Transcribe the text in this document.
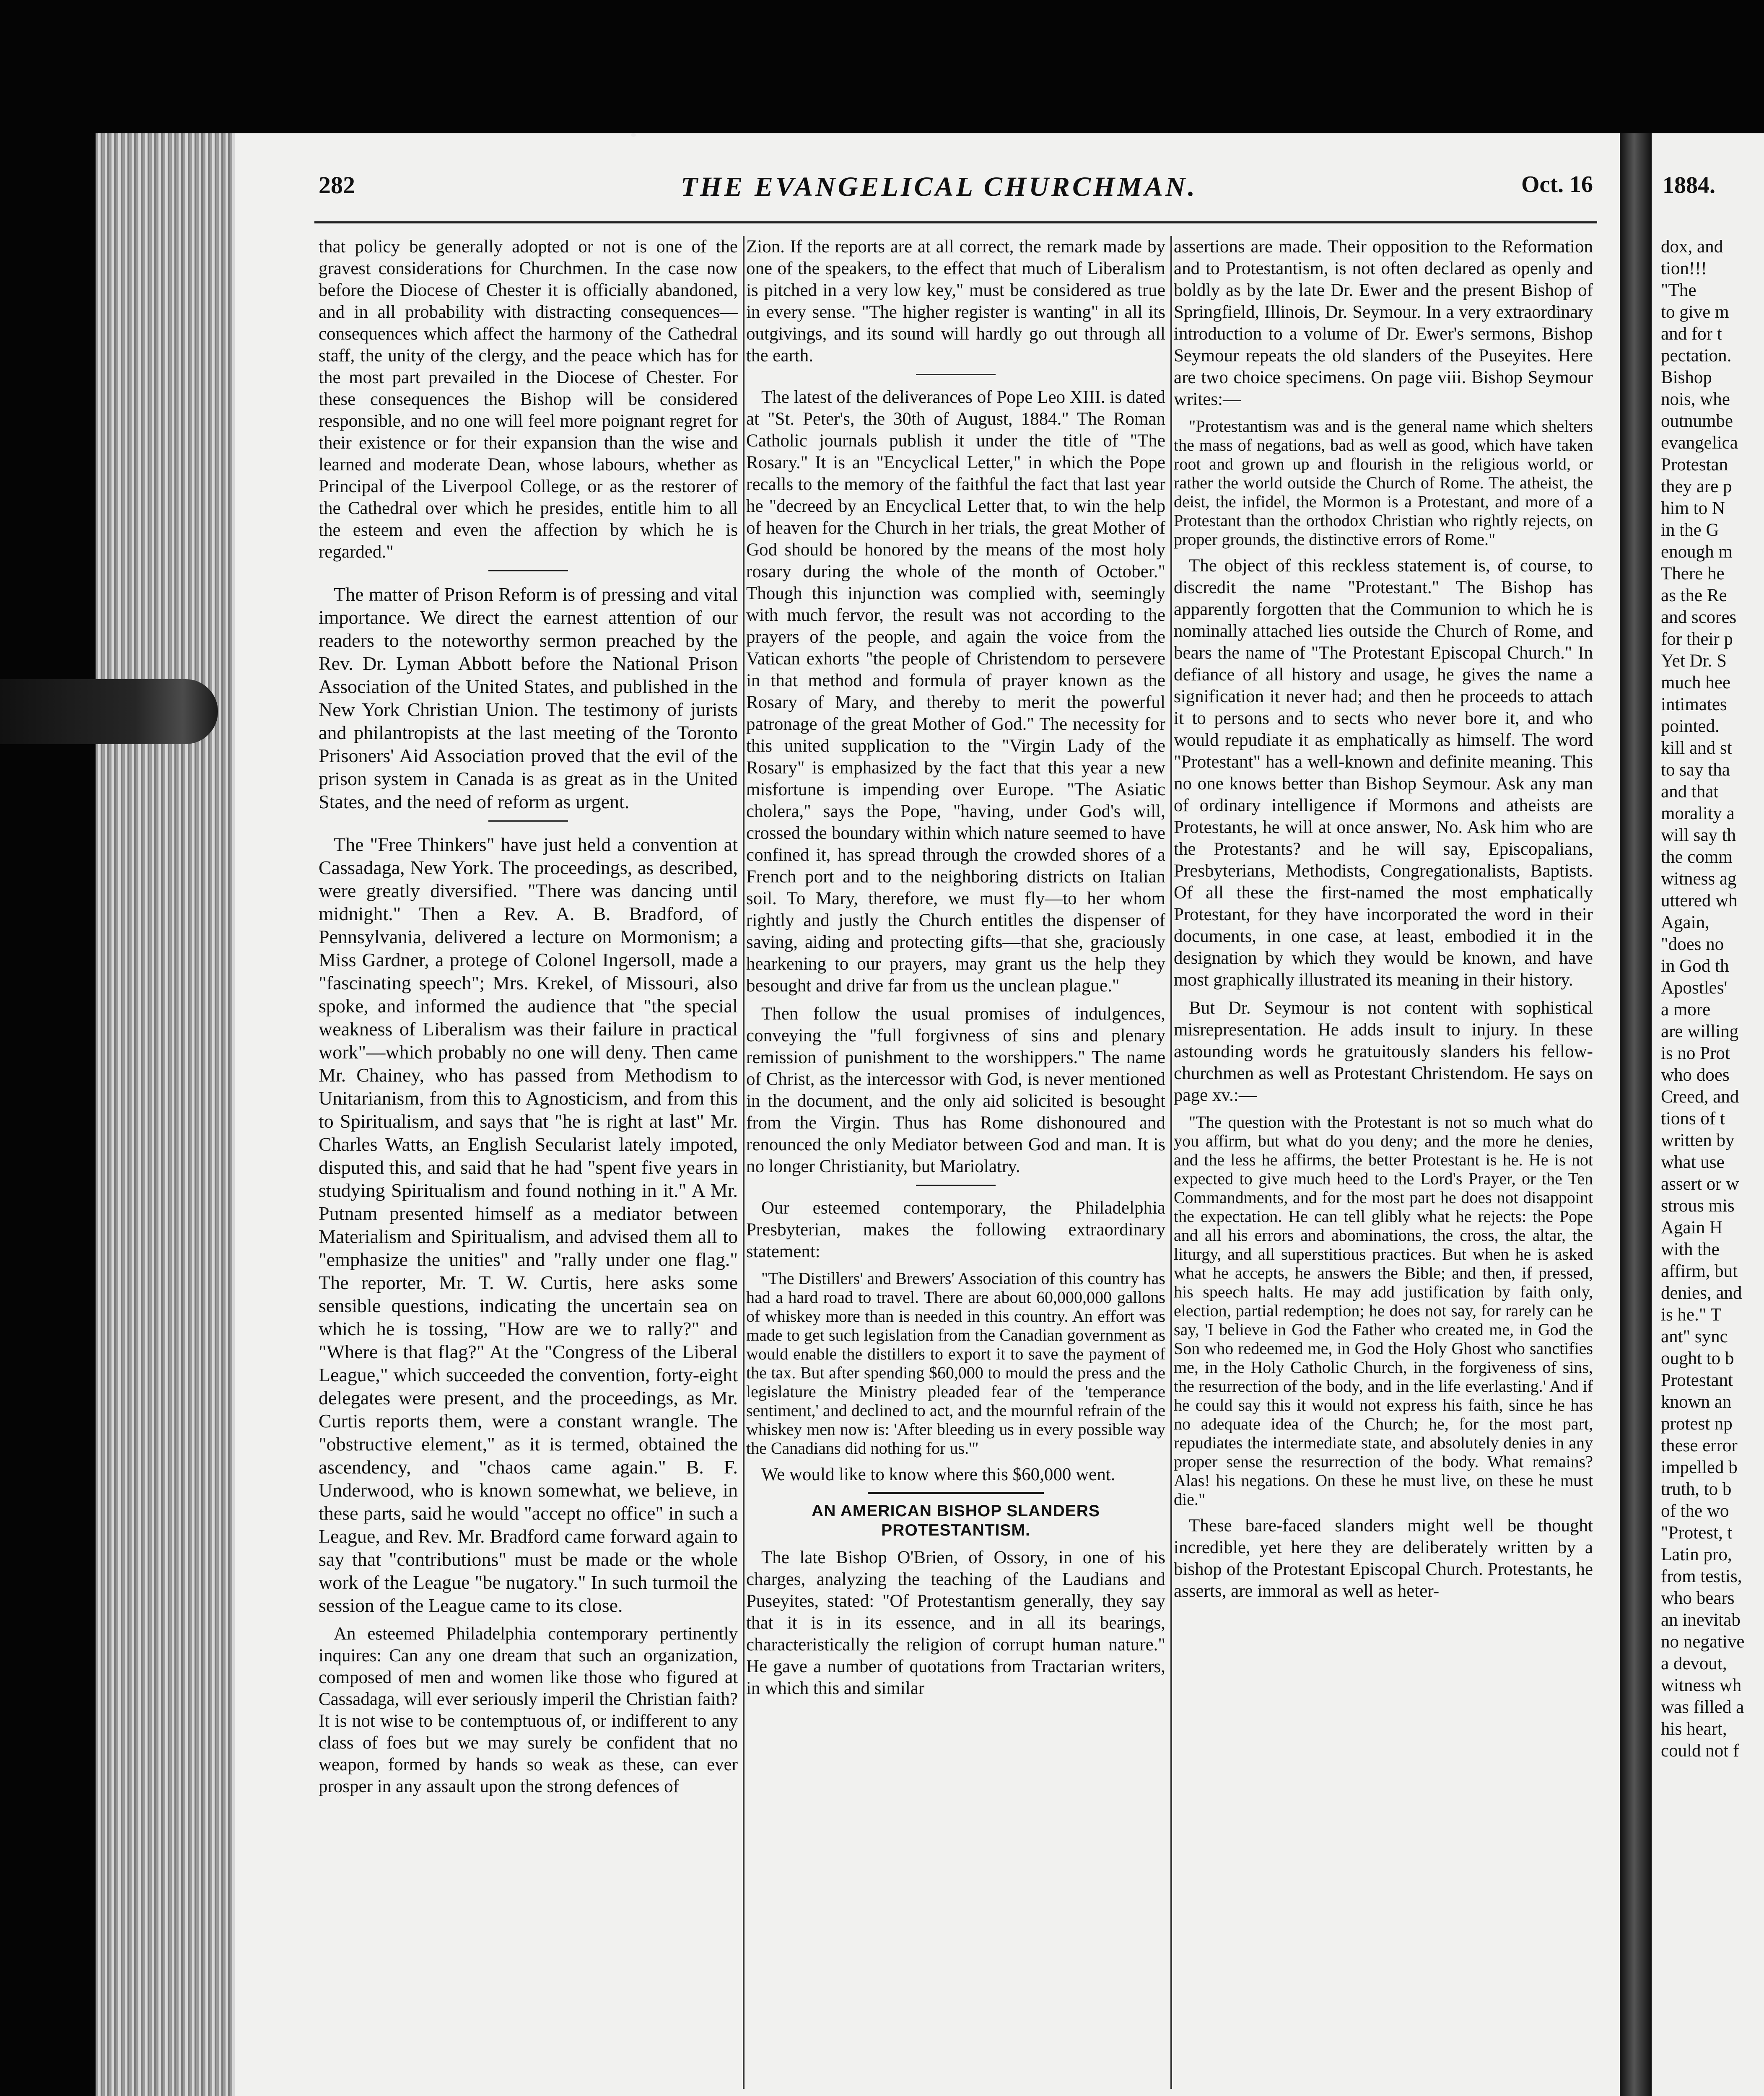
282	THE EVANGELICAL CHURCHMAN.	Oct. 16

that policy be generally adopted or not is one of the gravest considerations for Churchmen. In the case now before the Diocese of Chester it is officially abandoned, and in all probability with distracting consequences—consequences which affect the harmony of the Cathedral staff, the unity of the clergy, and the peace which has for the most part prevailed in the Diocese of Chester. For these consequences the Bishop will be considered responsible, and no one will feel more poignant regret for their existence or for their expansion than the wise and learned and moderate Dean, whose labours, whether as Principal of the Liverpool College, or as the restorer of the Cathedral over which he presides, entitle him to all the esteem and even the affection by which he is regarded."

The matter of Prison Reform is of pressing and vital importance. We direct the earnest attention of our readers to the noteworthy sermon preached by the Rev. Dr. Lyman Abbott before the National Prison Association of the United States, and published in the New York Christian Union. The testimony of jurists and philantropists at the last meeting of the Toronto Prisoners' Aid Association proved that the evil of the prison system in Canada is as great as in the United States, and the need of reform as urgent.

The "Free Thinkers" have just held a convention at Cassadaga, New York. The proceedings, as described, were greatly diversified. "There was dancing until midnight." Then a Rev. A. B. Bradford, of Pennsylvania, delivered a lecture on Mormonism; a Miss Gardner, a protege of Colonel Ingersoll, made a "fascinating speech"; Mrs. Krekel, of Missouri, also spoke, and informed the audience that "the special weakness of Liberalism was their failure in practical work"—which probably no one will deny. Then came Mr. Chainey, who has passed from Methodism to Unitarianism, from this to Agnosticism, and from this to Spiritualism, and says that "he is right at last" Mr. Charles Watts, an English Secularist lately impoted, disputed this, and said that he had "spent five years in studying Spiritualism and found nothing in it." A Mr. Putnam presented himself as a mediator between Materialism and Spiritualism, and advised them all to "emphasize the unities" and "rally under one flag." The reporter, Mr. T. W. Curtis, here asks some sensible questions, indicating the uncertain sea on which he is tossing, "How are we to rally?" and "Where is that flag?" At the "Congress of the Liberal League," which succeeded the convention, forty-eight delegates were present, and the proceedings, as Mr. Curtis reports them, were a constant wrangle. The "obstructive element," as it is termed, obtained the ascendency, and "chaos came again." B. F. Underwood, who is known somewhat, we believe, in these parts, said he would "accept no office" in such a League, and Rev. Mr. Bradford came forward again to say that "contributions" must be made or the whole work of the League "be nugatory." In such turmoil the session of the League came to its close.

An esteemed Philadelphia contemporary pertinently inquires: Can any one dream that such an organization, composed of men and women like those who figured at Cassadaga, will ever seriously imperil the Christian faith? It is not wise to be contemptuous of, or indifferent to any class of foes but we may surely be confident that no weapon, formed by hands so weak as these, can ever prosper in any assault upon the strong defences of

Zion. If the reports are at all correct, the remark made by one of the speakers, to the effect that much of Liberalism is pitched in a very low key," must be considered as true in every sense. "The higher register is wanting" in all its outgivings, and its sound will hardly go out through all the earth.

The latest of the deliverances of Pope Leo XIII. is dated at "St. Peter's, the 30th of August, 1884." The Roman Catholic journals publish it under the title of "The Rosary." It is an "Encyclical Letter," in which the Pope recalls to the memory of the faithful the fact that last year he "decreed by an Encyclical Letter that, to win the help of heaven for the Church in her trials, the great Mother of God should be honored by the means of the most holy rosary during the whole of the month of October." Though this injunction was complied with, seemingly with much fervor, the result was not according to the prayers of the people, and again the voice from the Vatican exhorts "the people of Christendom to persevere in that method and formula of prayer known as the Rosary of Mary, and thereby to merit the powerful patronage of the great Mother of God." The necessity for this united supplication to the "Virgin Lady of the Rosary" is emphasized by the fact that this year a new misfortune is impending over Europe. "The Asiatic cholera," says the Pope, "having, under God's will, crossed the boundary within which nature seemed to have confined it, has spread through the crowded shores of a French port and to the neighboring districts on Italian soil. To Mary, therefore, we must fly—to her whom rightly and justly the Church entitles the dispenser of saving, aiding and protecting gifts—that she, graciously hearkening to our prayers, may grant us the help they besought and drive far from us the unclean plague."

Then follow the usual promises of indulgences, conveying the "full forgivness of sins and plenary remission of punishment to the worshippers." The name of Christ, as the intercessor with God, is never mentioned in the document, and the only aid solicited is besought from the Virgin. Thus has Rome dishonoured and renounced the only Mediator between God and man. It is no longer Christianity, but Mariolatry.

Our esteemed contemporary, the Philadelphia Presbyterian, makes the following extraordinary statement:

"The Distillers' and Brewers' Association of this country has had a hard road to travel. There are about 60,000,000 gallons of whiskey more than is needed in this country. An effort was made to get such legislation from the Canadian government as would enable the distillers to export it to save the payment of the tax. But after spending $60,000 to mould the press and the legislature the Ministry pleaded fear of the 'temperance sentiment,' and declined to act, and the mournful refrain of the whiskey men now is: 'After bleeding us in every possible way the Canadians did nothing for us.'"

We would like to know where this $60,000 went.

AN AMERICAN BISHOP SLANDERS PROTESTANTISM.

The late Bishop O'Brien, of Ossory, in one of his charges, analyzing the teaching of the Laudians and Puseyites, stated: "Of Protestantism generally, they say that it is in its essence, and in all its bearings, characteristically the religion of corrupt human nature." He gave a number of quotations from Tractarian writers, in which this and similar

assertions are made. Their opposition to the Reformation and to Protestantism, is not often declared as openly and boldly as by the late Dr. Ewer and the present Bishop of Springfield, Illinois, Dr. Seymour. In a very extraordinary introduction to a volume of Dr. Ewer's sermons, Bishop Seymour repeats the old slanders of the Puseyites. Here are two choice specimens. On page viii. Bishop Seymour writes:—

"Protestantism was and is the general name which shelters the mass of negations, bad as well as good, which have taken root and grown up and flourish in the religious world, or rather the world outside the Church of Rome. The atheist, the deist, the infidel, the Mormon is a Protestant, and more of a Protestant than the orthodox Christian who rightly rejects, on proper grounds, the distinctive errors of Rome."

The object of this reckless statement is, of course, to discredit the name "Protestant." The Bishop has apparently forgotten that the Communion to which he is nominally attached lies outside the Church of Rome, and bears the name of "The Protestant Episcopal Church." In defiance of all history and usage, he gives the name a signification it never had; and then he proceeds to attach it to persons and to sects who never bore it, and who would repudiate it as emphatically as himself. The word "Protestant" has a well-known and definite meaning. This no one knows better than Bishop Seymour. Ask any man of ordinary intelligence if Mormons and atheists are Protestants, he will at once answer, No. Ask him who are the Protestants? and he will say, Episcopalians, Presbyterians, Methodists, Congregationalists, Baptists. Of all these the first-named the most emphatically Protestant, for they have incorporated the word in their documents, in one case, at least, embodied it in the designation by which they would be known, and have most graphically illustrated its meaning in their history.

But Dr. Seymour is not content with sophistical misrepresentation. He adds insult to injury. In these astounding words he gratuitously slanders his fellow-churchmen as well as Protestant Christendom. He says on page xv.:—

"The question with the Protestant is not so much what do you affirm, but what do you deny; and the more he denies, and the less he affirms, the better Protestant is he. He is not expected to give much heed to the Lord's Prayer, or the Ten Commandments, and for the most part he does not disappoint the expectation. He can tell glibly what he rejects: the Pope and all his errors and abominations, the cross, the altar, the liturgy, and all superstitious practices. But when he is asked what he accepts, he answers the Bible; and then, if pressed, his speech halts. He may add justification by faith only, election, partial redemption; he does not say, for rarely can he say, 'I believe in God the Father who created me, in God the Son who redeemed me, in God the Holy Ghost who sanctifies me, in the Holy Catholic Church, in the forgiveness of sins, the resurrection of the body, and in the life everlasting.' And if he could say this it would not express his faith, since he has no adequate idea of the Church; he, for the most part, repudiates the intermediate state, and absolutely denies in any proper sense the resurrection of the body. What remains? Alas! his negations. On these he must live, on these he must die."

These bare-faced slanders might well be thought incredible, yet here they are deliberately written by a bishop of the Protestant Episcopal Church. Protestants, he asserts, are immoral as well as heter-

1884.
dox, and
tion!!!
"The
to give m
and for t
pectation.
Bishop
nois, whe
outnumbe
evangelica
Protestan
they are p
him to N
in the G
enough m
There he
as the Re
and scores
for their p
Yet Dr. S
much hee
intimates
pointed.
kill and st
to say tha
and that
morality a
will say th
the comm
witness ag
uttered wh
Again,
"does no
in God th
Apostles'
a more
are willing
is no Prot
who does
Creed, and
tions of t
written by
what use
assert or w
strous mis
Again H
with the
affirm, but
denies, and
is he." T
ant" sync
ought to b
Protestant
known an
protest np
these error
impelled b
truth, to b
of the wo
"Protest, t
Latin pro,
from testis,
who bears
an inevitab
no negative
a devout,
witness wh
was filled a
his heart,
could not f
